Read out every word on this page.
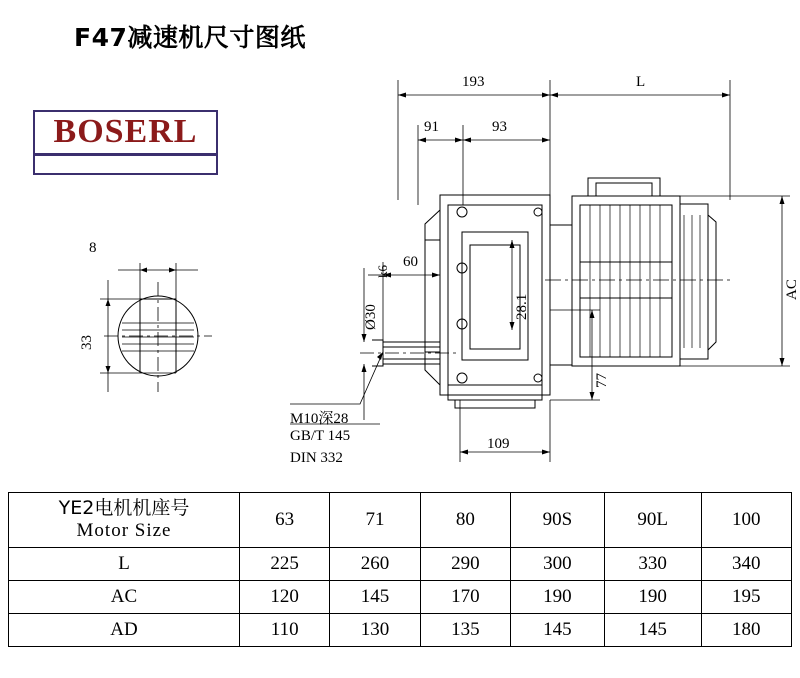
F47减速机尺寸图纸
BOSERL
193	L
91	93
60
Ø30
k6
28.1
77
109
AC
8
33
M10深28
GB/T 145
DIN 332
YE2电机机座号
Motor Size	63	71	80	90S	90L	100
L	225	260	290	300	330	340
AC	120	145	170	190	190	195
AD	110	130	135	145	145	180
